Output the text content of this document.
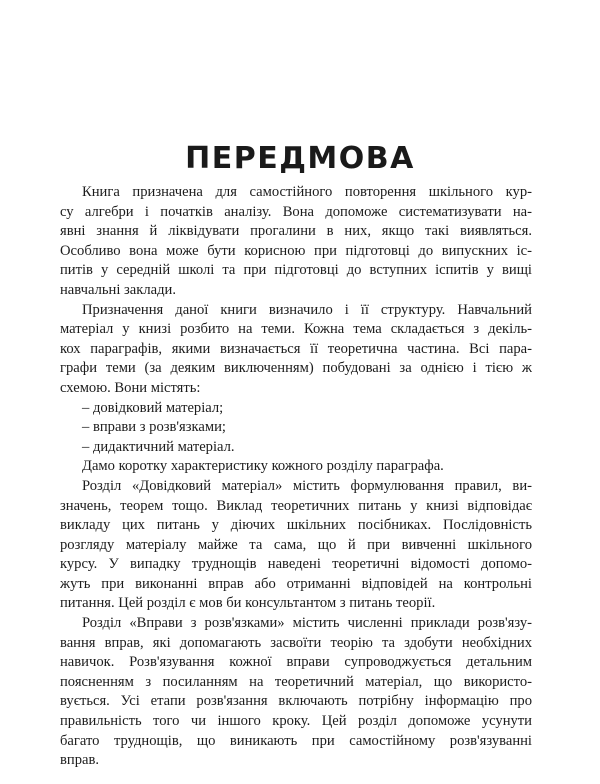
ПЕРЕДМОВА
Книга призначена для самостійного повторення шкільного кур-
су алгебри і початків аналізу. Вона допоможе систематизувати на-
явні знання й ліквідувати прогалини в них, якщо такі виявляться.
Особливо вона може бути корисною при підготовці до випускних іс-
питів у середній школі та при підготовці до вступних іспитів у вищі
навчальні заклади.
Призначення даної книги визначило і її структуру. Навчальний
матеріал у книзі розбито на теми. Кожна тема складається з декіль-
кох параграфів, якими визначається її теоретична частина. Всі пара-
графи теми (за деяким виключенням) побудовані за однією і тією ж
схемою. Вони містять:
– довідковий матеріал;
– вправи з розв'язками;
– дидактичний матеріал.
Дамо коротку характеристику кожного розділу параграфа.
Розділ «Довідковий матеріал» містить формулювання правил, ви-
значень, теорем тощо. Виклад теоретичних питань у книзі відповідає
викладу цих питань у діючих шкільних посібниках. Послідовність
розгляду матеріалу майже та сама, що й при вивченні шкільного
курсу. У випадку труднощів наведені теоретичні відомості допомо-
жуть при виконанні вправ або отриманні відповідей на контрольні
питання. Цей розділ є мов би консультантом з питань теорії.
Розділ «Вправи з розв'язками» містить численні приклади розв'язу-
вання вправ, які допомагають засвоїти теорію та здобути необхідних
навичок. Розв'язування кожної вправи супроводжується детальним
поясненням з посиланням на теоретичний матеріал, що використо-
вується. Усі етапи розв'язання включають потрібну інформацію про
правильність того чи іншого кроку. Цей розділ допоможе усунути
багато труднощів, що виникають при самостійному розв'язуванні
вправ.
